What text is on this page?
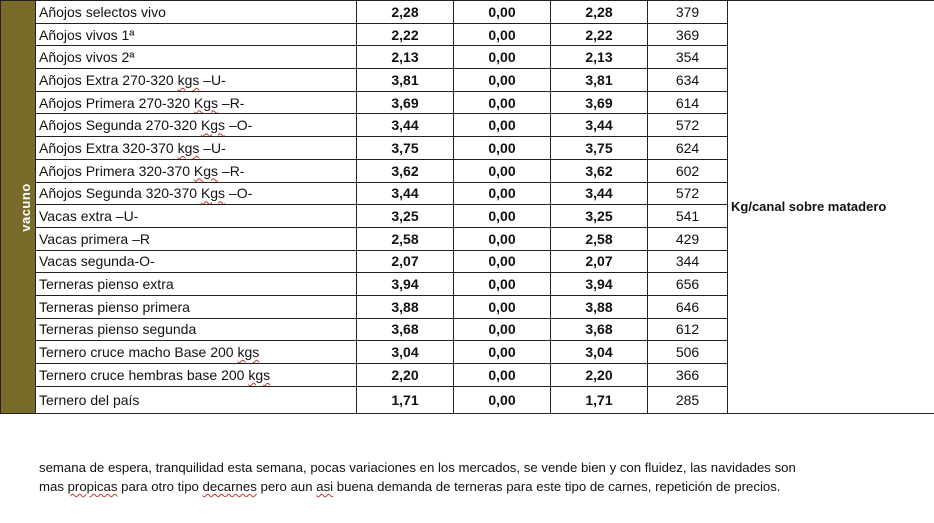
vacuno	Añojos selectos vivo	2,28	0,00	2,28	379	Kg/canal sobre matadero
	Añojos vivos 1ª	2,22	0,00	2,22	369	
	Añojos vivos 2ª	2,13	0,00	2,13	354	
	Añojos Extra 270-320 kgs –U-	3,81	0,00	3,81	634	
	Añojos Primera 270-320 Kgs –R-	3,69	0,00	3,69	614	
	Añojos Segunda 270-320 Kgs –O-	3,44	0,00	3,44	572	
	Añojos Extra 320-370 kgs –U-	3,75	0,00	3,75	624	
	Añojos Primera 320-370 Kgs –R-	3,62	0,00	3,62	602	
	Añojos Segunda 320-370 Kgs –O-	3,44	0,00	3,44	572	
	Vacas extra –U-	3,25	0,00	3,25	541	
	Vacas primera –R	2,58	0,00	2,58	429	
	Vacas segunda-O-	2,07	0,00	2,07	344	
	Terneras pienso extra	3,94	0,00	3,94	656	
	Terneras pienso primera	3,88	0,00	3,88	646	
	Terneras pienso segunda	3,68	0,00	3,68	612	
	Ternero cruce macho Base 200 kgs	3,04	0,00	3,04	506	
	Ternero cruce hembras base 200 kgs	2,20	0,00	2,20	366	
	Ternero del país	1,71	0,00	1,71	285	

semana de espera, tranquilidad esta semana, pocas variaciones en los mercados, se vende bien y con fluidez, las navidades son

mas propicas para otro tipo decarnes pero aun asi buena demanda de terneras para este tipo de carnes, repetición de precios.
